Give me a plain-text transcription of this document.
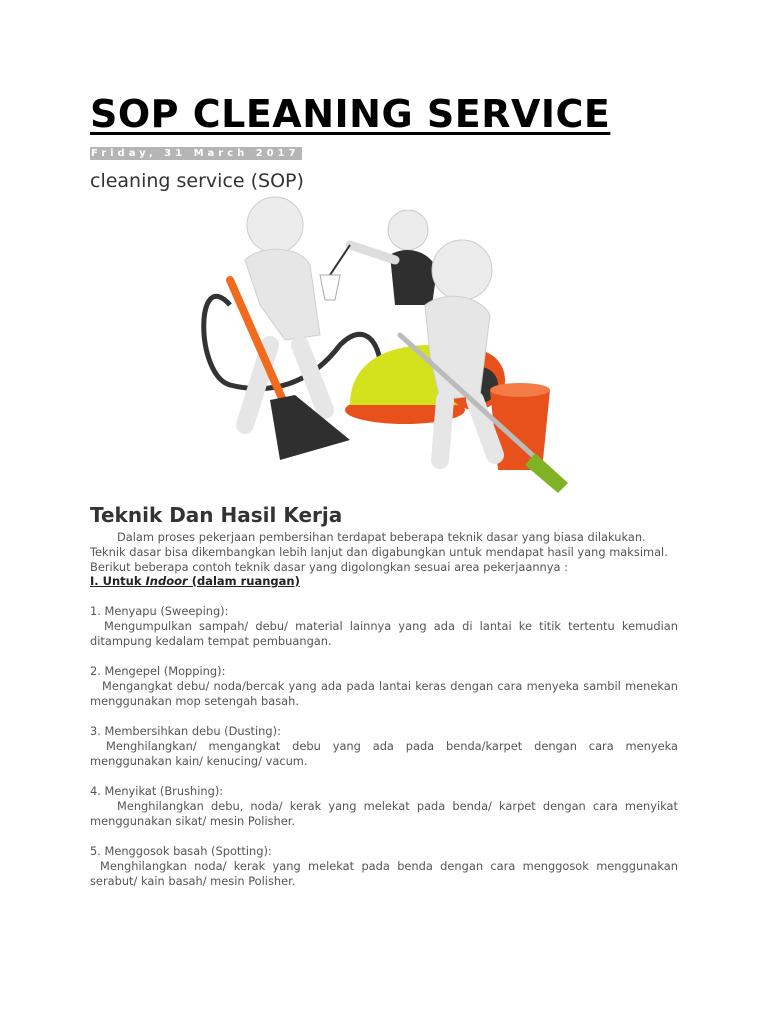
SOP CLEANING SERVICE
Friday, 31 March 2017
cleaning service (SOP)
Teknik Dan Hasil Kerja
Dalam proses pekerjaan pembersihan terdapat beberapa teknik dasar yang biasa dilakukan. Teknik dasar bisa dikembangkan lebih lanjut dan digabungkan untuk mendapat hasil yang maksimal.
Berikut beberapa contoh teknik dasar yang digolongkan sesuai area pekerjaannya :

I. Untuk Indoor (dalam ruangan)

1. Menyapu (Sweeping):
Mengumpulkan sampah/ debu/ material lainnya yang ada di lantai ke titik tertentu kemudian ditampung kedalam tempat pembuangan.
2. Mengepel (Mopping):
Mengangkat debu/ noda/bercak yang ada pada lantai keras dengan cara menyeka sambil menekan menggunakan mop setengah basah.
3. Membersihkan debu (Dusting):
Menghilangkan/ mengangkat debu yang ada pada benda/karpet dengan cara menyeka menggunakan kain/ kenucing/ vacum.
4. Menyikat (Brushing):
Menghilangkan debu, noda/ kerak yang melekat pada benda/ karpet dengan cara menyikat menggunakan sikat/ mesin Polisher.
5. Menggosok basah (Spotting):
Menghilangkan noda/ kerak yang melekat pada benda dengan cara menggosok menggunakan serabut/ kain basah/ mesin Polisher.
